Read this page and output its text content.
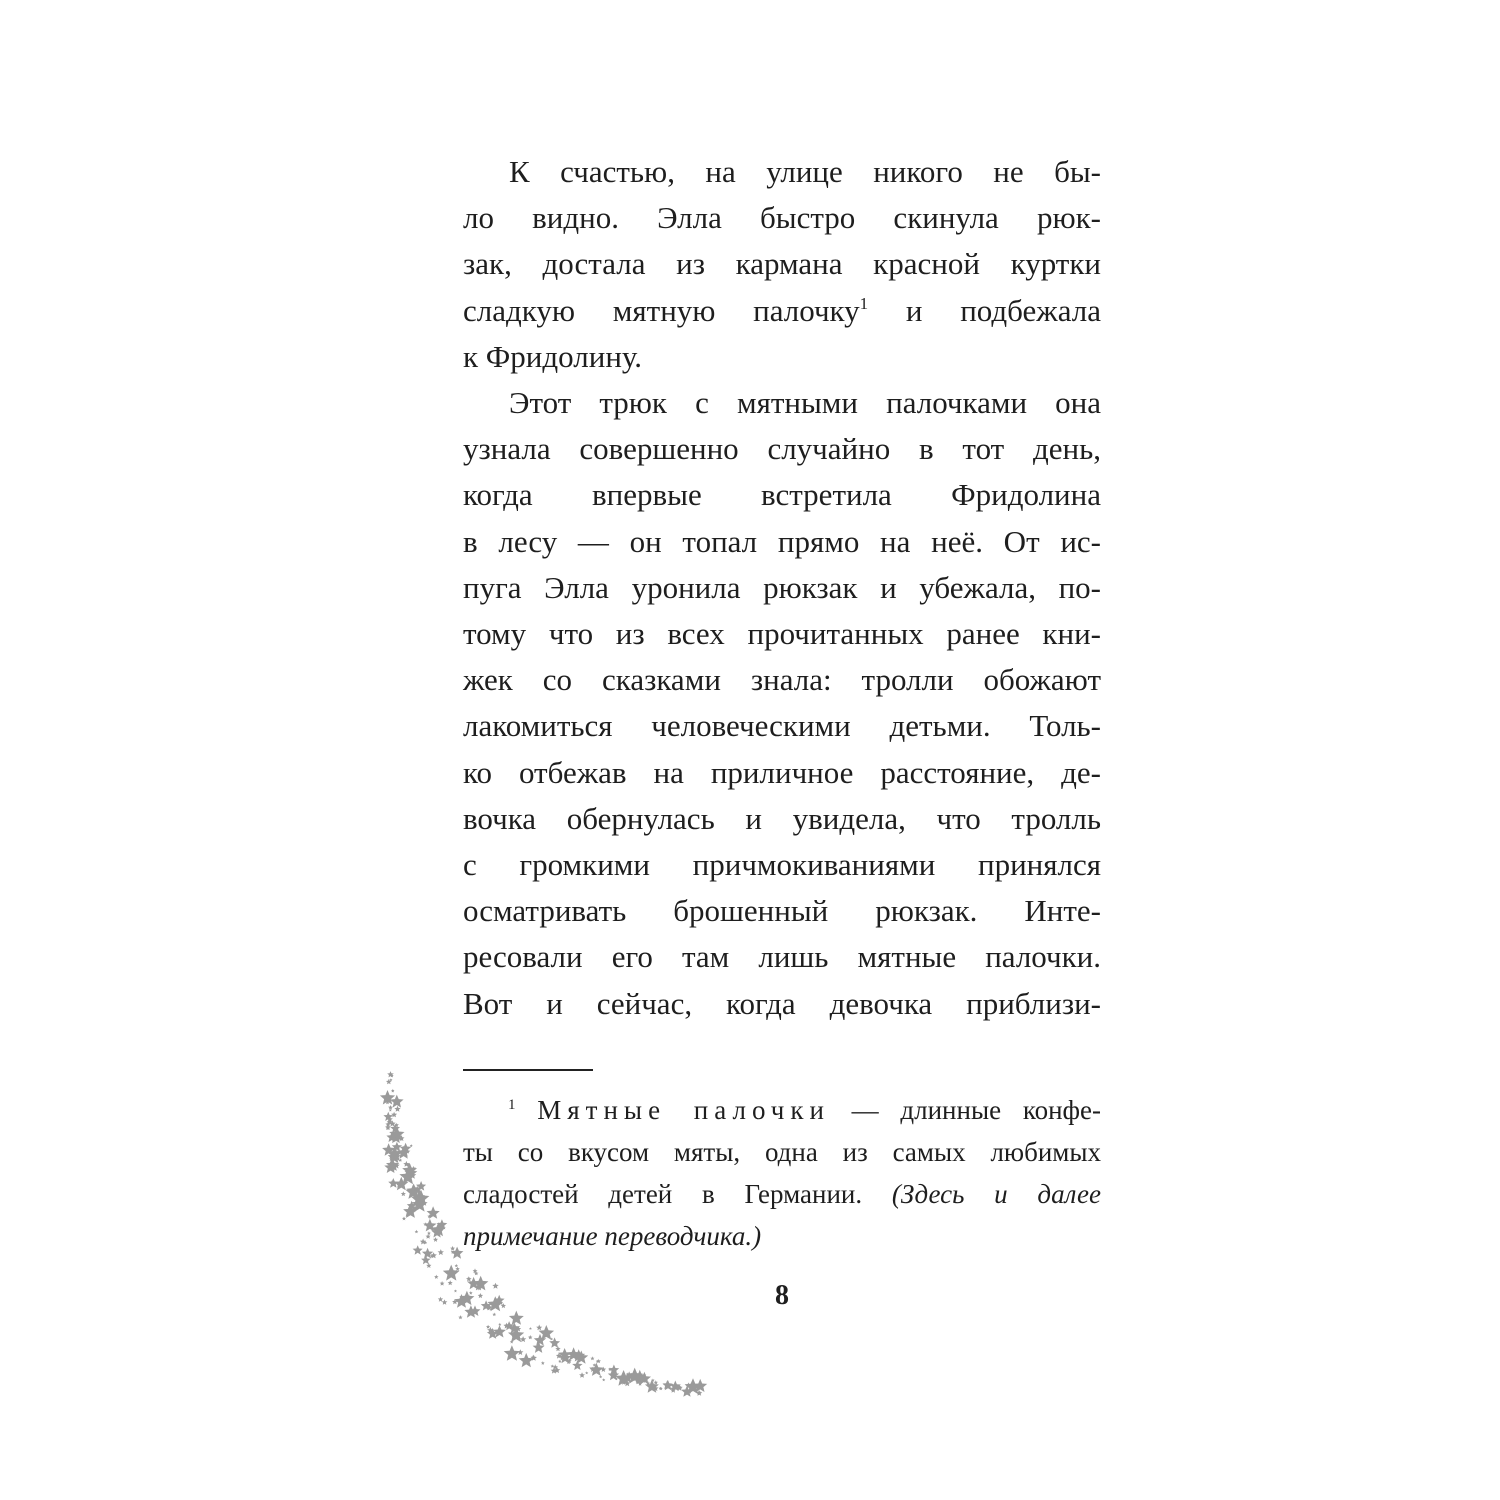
К счастью, на улице никого не бы-
ло видно. Элла быстро скинула рюк-
зак, достала из кармана красной куртки
сладкую мятную палочку$^1$ и подбежала
к Фридолину.
Этот трюк с мятными палочками она
узнала совершенно случайно в тот день,
когда впервые встретила Фридолина
в лесу — он топал прямо на неё. От ис-
пуга Элла уронила рюкзак и убежала, по-
тому что из всех прочитанных ранее кни-
жек со сказками знала: тролли обожают
лакомиться человеческими детьми. Толь-
ко отбежав на приличное расстояние, де-
вочка обернулась и увидела, что тролль
с громкими причмокиваниями принялся
осматривать брошенный рюкзак. Инте-
ресовали его там лишь мятные палочки.
Вот и сейчас, когда девочка приблизи-
$^1$ Мятные палочки — длинные конфе-
ты со вкусом мяты, одна из самых любимых
сладостей детей в Германии. (Здесь и далее
примечание переводчика.)
8
